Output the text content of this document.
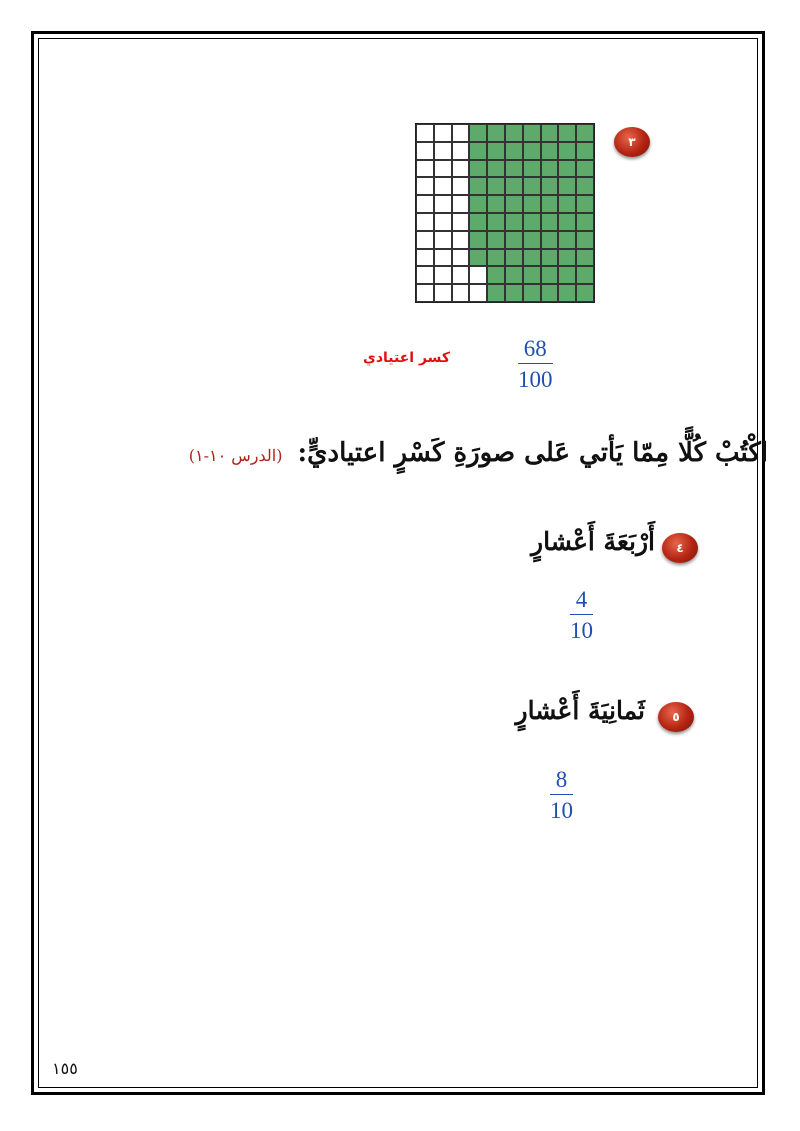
٣
كسر اعتيادي	68
100
اكْتُبْ كُلًّا مِمّا يَأتي عَلى صورَةِ كَسْرٍ اعتياديٍّ: (الدرس ١٠-١)
٤
أَرْبَعَةَ أَعْشارٍ
4
10
٥
ثَمانِيَةَ أَعْشارٍ
8
10
١٥٥
